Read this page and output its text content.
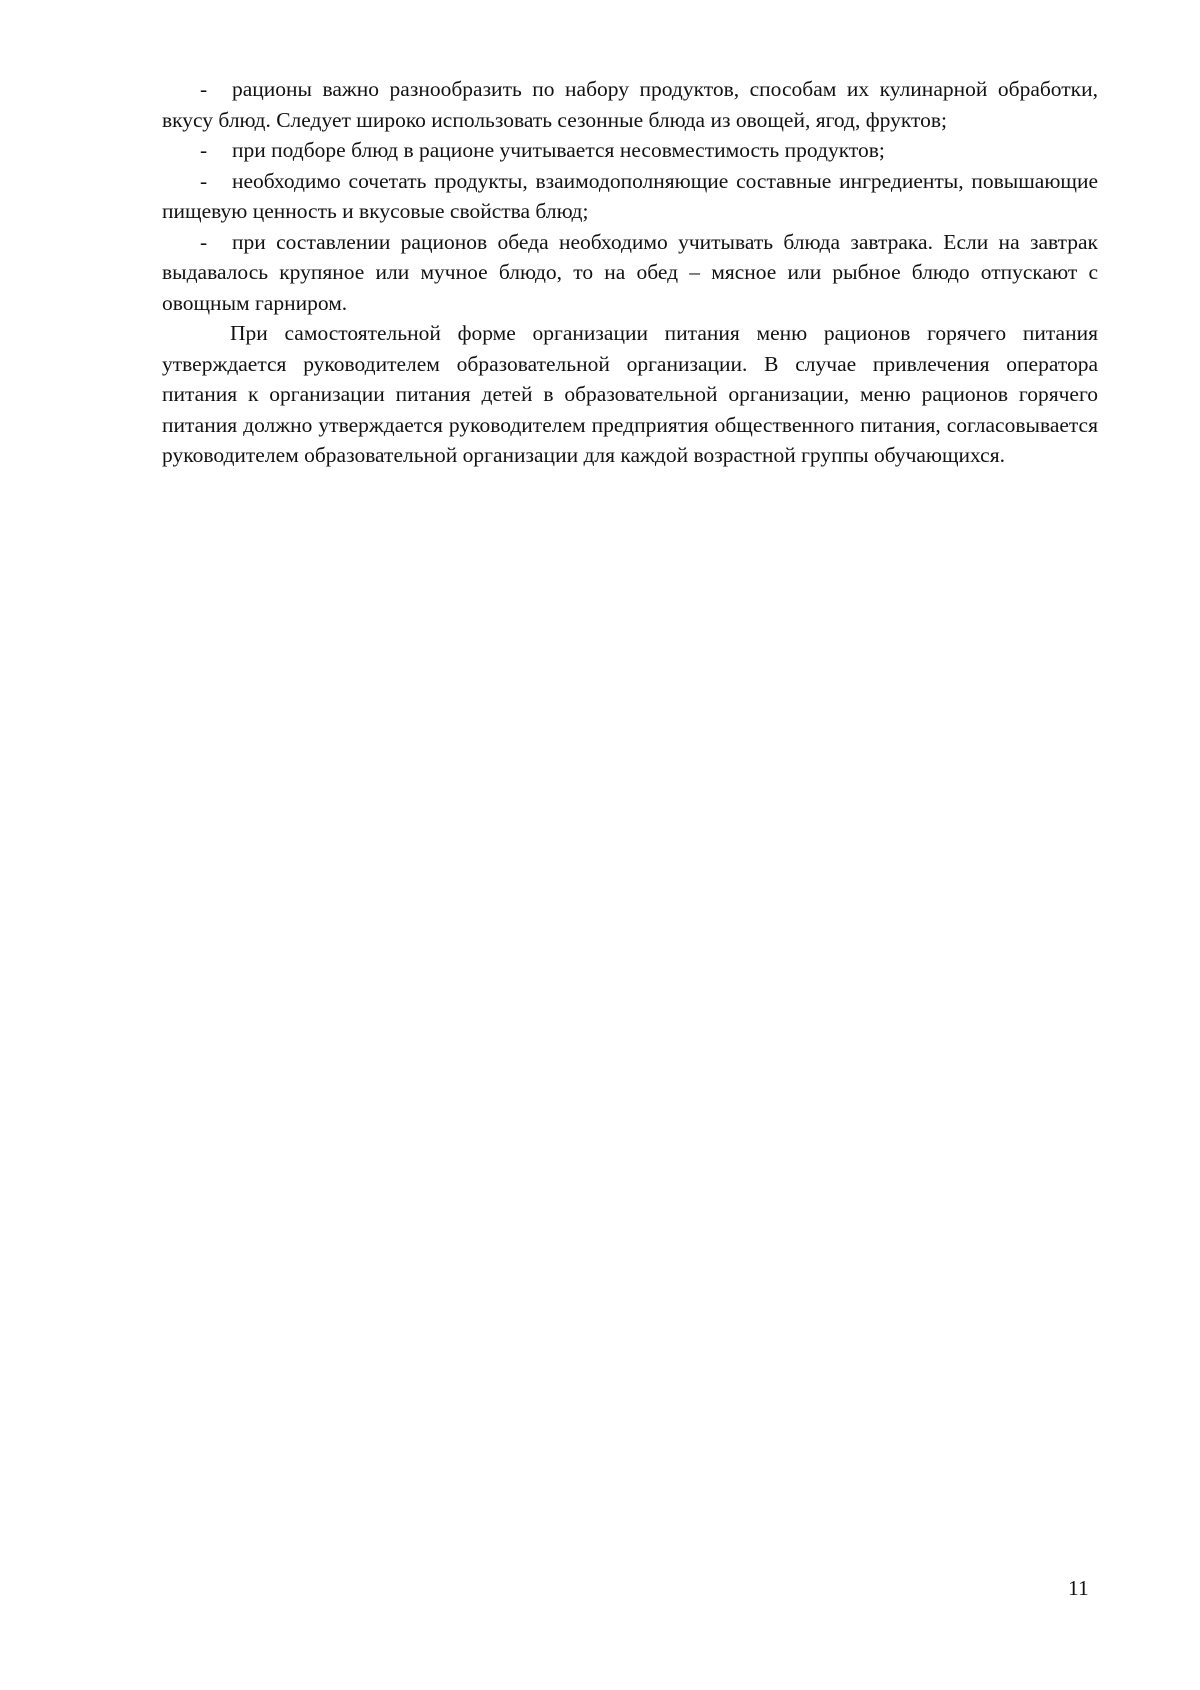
- рационы важно разнообразить по набору продуктов, способам их кулинарной обработки, вкусу блюд. Следует широко использовать сезонные блюда из овощей, ягод, фруктов;

- при подборе блюд в рационе учитывается несовместимость продуктов;

- необходимо сочетать продукты, взаимодополняющие составные ингредиенты, повышающие пищевую ценность и вкусовые свойства блюд;

- при составлении рационов обеда необходимо учитывать блюда завтрака. Если на завтрак выдавалось крупяное или мучное блюдо, то на обед – мясное или рыбное блюдо отпускают с овощным гарниром.

При самостоятельной форме организации питания меню рационов горячего питания утверждается руководителем образовательной организации. В случае привлечения оператора питания к организации питания детей в образовательной организации, меню рационов горячего питания должно утверждается руководителем предприятия общественного питания, согласовывается руководителем образовательной организации для каждой возрастной группы обучающихся.

11
